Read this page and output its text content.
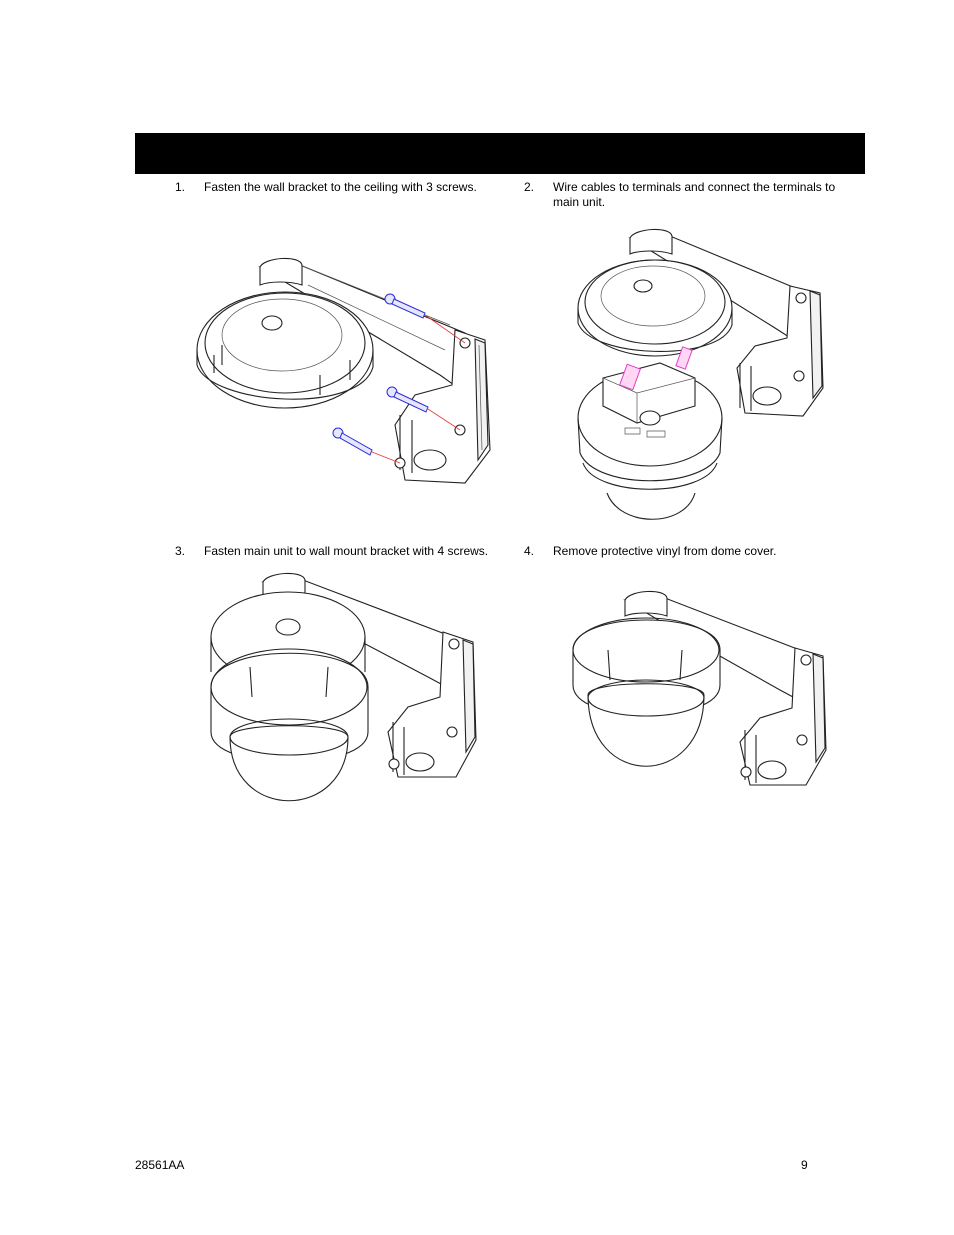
1. Fasten the wall bracket to the ceiling with 3 screws.	2. Wire cables to terminals and connect the terminals to main unit.
3. Fasten main unit to wall mount bracket with 4 screws.	4. Remove protective vinyl from dome cover.
28561AA	9
